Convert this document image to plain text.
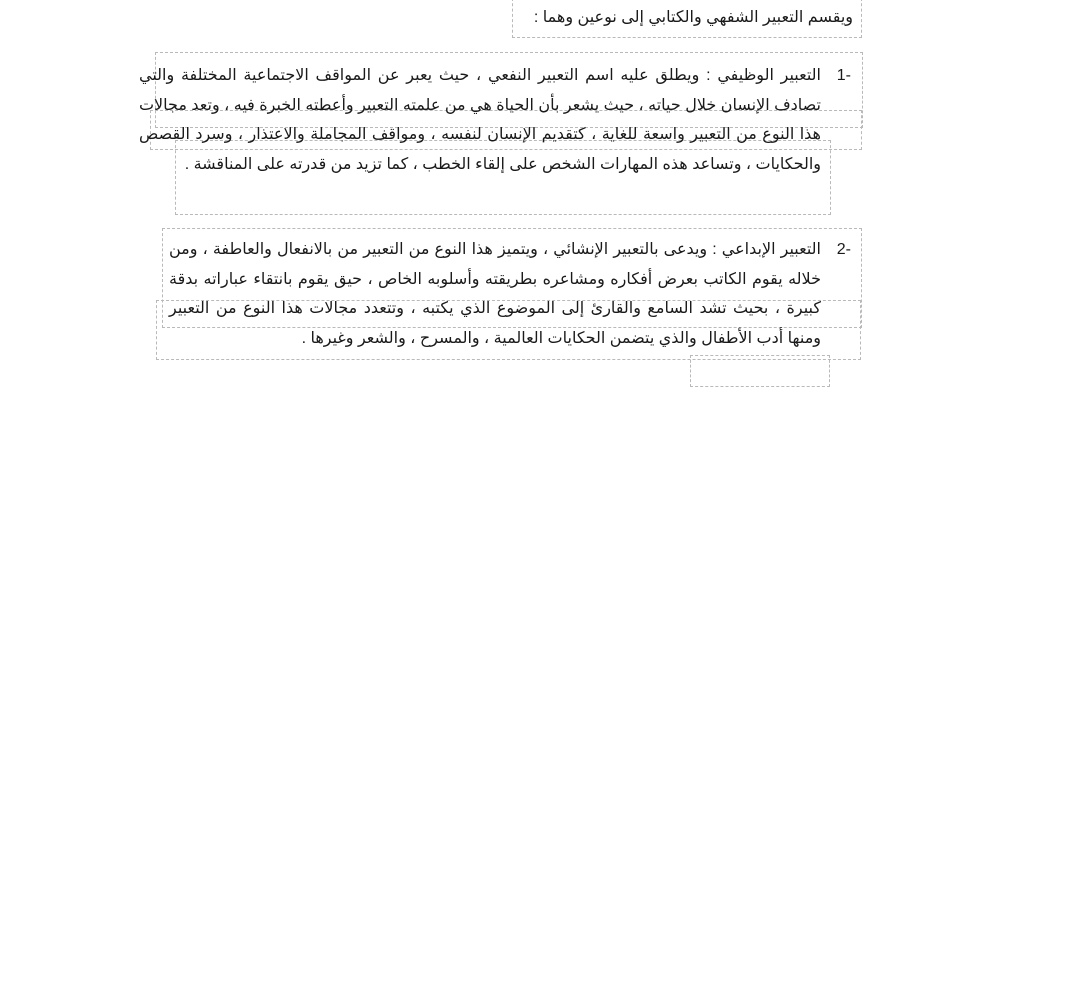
ويقسم التعبير الشفهي والكتابي إلى نوعين وهما :
1-
التعبير الوظيفي : ويطلق عليه اسم التعبير النفعي ، حيث يعبر عن المواقف الاجتماعية المختلفة والتي تصادف الإنسان خلال حياته ، حيث يشعر بأن الحياة هي من علمته التعبير وأعطته الخبرة فيه ، وتعد مجالات هذا النوع من التعبير واسعة للغاية ، كتقديم الإنسان لنفسه ، ومواقف المجاملة والاعتذار ، وسرد القصص والحكايات ، وتساعد هذه المهارات الشخص على إلقاء الخطب ، كما تزيد من قدرته على المناقشة .
2-
التعبير الإبداعي : ويدعى بالتعبير الإنشائي ، ويتميز هذا النوع من التعبير من بالانفعال والعاطفة ، ومن خلاله يقوم الكاتب بعرض أفكاره ومشاعره بطريقته وأسلوبه الخاص ، حيق يقوم بانتقاء عباراته بدقة كبيرة ، بحيث تشد السامع والقارئ إلى الموضوع الذي يكتبه ، وتتعدد مجالات هذا النوع من التعبير ومنها أدب الأطفال والذي يتضمن الحكايات العالمية ، والمسرح ، والشعر وغيرها .
